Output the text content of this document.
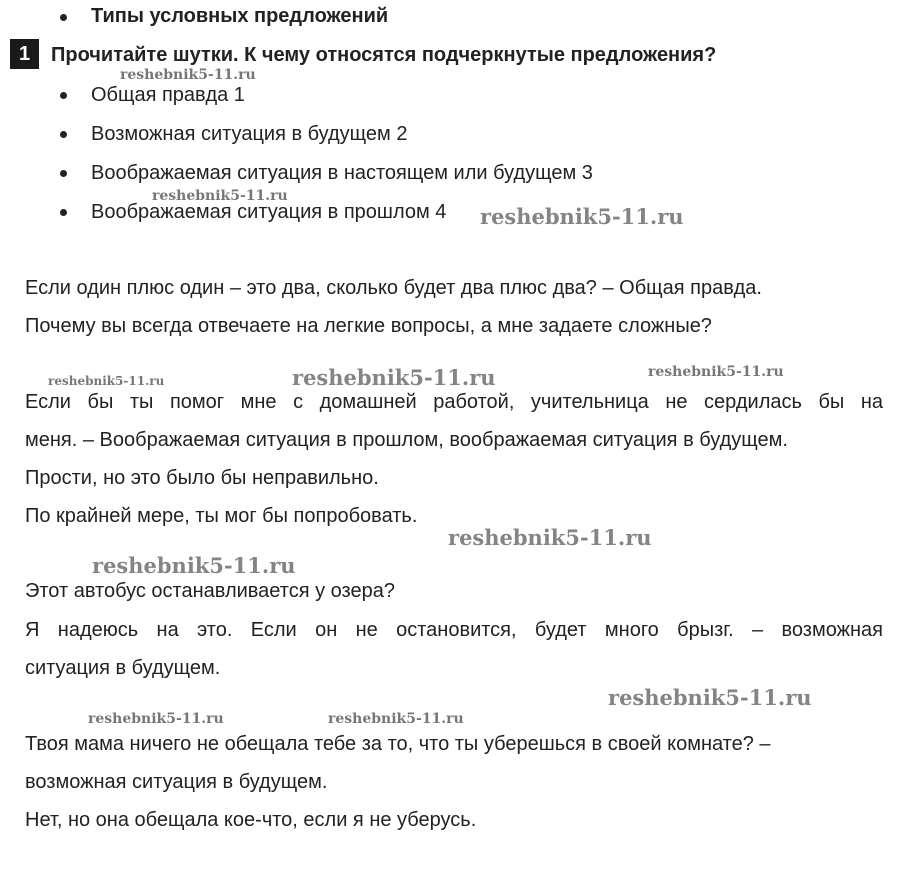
Типы условных предложений
1	Прочитайте шутки. К чему относятся подчеркнутые предложения?
Общая правда 1
Возможная ситуация в будущем 2
Воображаемая ситуация в настоящем или будущем 3
Воображаемая ситуация в прошлом 4
Если один плюс один – это два, сколько будет два плюс два? – Общая правда.
Почему вы всегда отвечаете на легкие вопросы, а мне задаете сложные?
Если бы ты помог мне с домашней работой, учительница не сердилась бы на
меня. – Воображаемая ситуация в прошлом, воображаемая ситуация в будущем.
Прости, но это было бы неправильно.
По крайней мере, ты мог бы попробовать.
Этот автобус останавливается у озера?
Я надеюсь на это. Если он не остановится, будет много брызг. – возможная
ситуация в будущем.
Твоя мама ничего не обещала тебе за то, что ты уберешься в своей комнате? –
возможная ситуация в будущем.
Нет, но она обещала кое-что, если я не уберусь.
reshebnik5-11.ru
reshebnik5-11.ru
reshebnik5-11.ru
reshebnik5-11.ru	reshebnik5-11.ru	reshebnik5-11.ru
reshebnik5-11.ru
reshebnik5-11.ru
reshebnik5-11.ru
reshebnik5-11.ru	reshebnik5-11.ru
